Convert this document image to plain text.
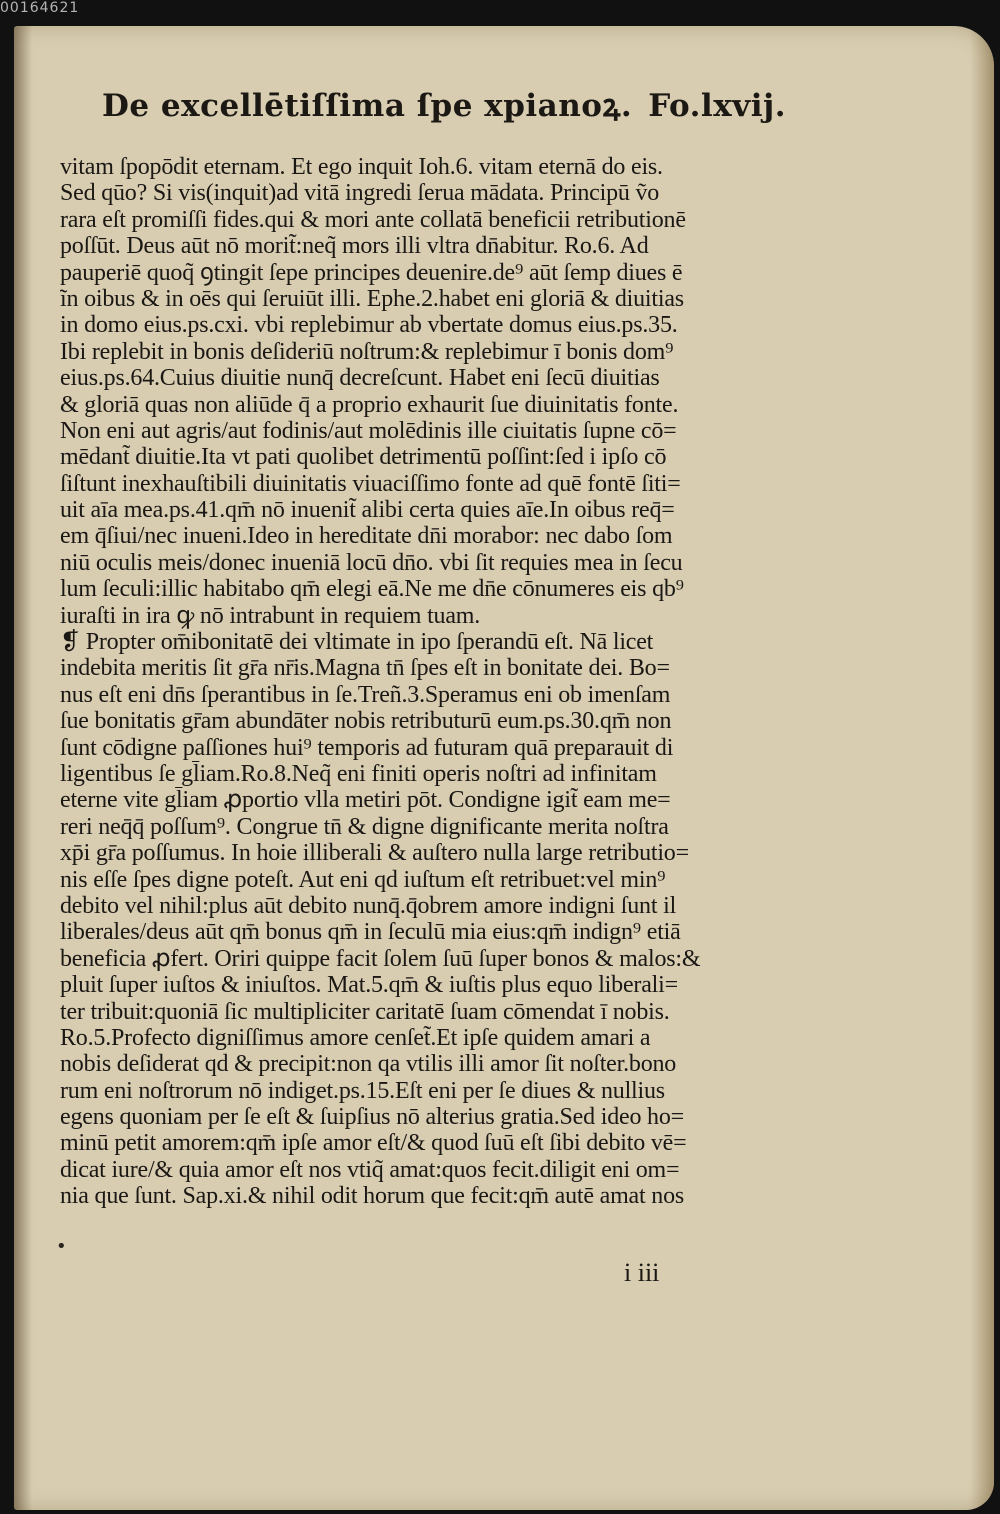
00164621
De excellētiſſima ſpe xpianoꝝ. Fo.lxvij.
vitam ſpopōdit eternam. Et ego inquit Ioh.6. vitam eternā do eis.
Sed qūo? Si vis(inquit)ad vitā ingredi ſerua mādata. Principū ṽo
rara eſt promiſſi fides.qui & mori ante collatā beneficii retributionē
poſſūt. Deus aūt nō morit̃:neq̃ mors illi vltra dn̄abitur. Ro.6. Ad
pauperiē quoq̃ ꝯtingit ſepe principes deuenire.de⁹ aūt ſemp diues ē
ĩn oibus & in oēs qui ſeruiūt illi. Ephe.2.habet eni gloriā & diuitias
in domo eius.ps.cxi. vbi replebimur ab vbertate domus eius.ps.35.
Ibi replebit in bonis deſideriū noſtrum:& replebimur ī bonis dom⁹
eius.ps.64.Cuius diuitie nunq̄ decreſcunt. Habet eni ſecū diuitias
& gloriā quas non aliūde q̄ a proprio exhaurit ſue diuinitatis fonte.
Non eni aut agris/aut fodinis/aut molēdinis ille ciuitatis ſupne cō=
mēdant̃ diuitie.Ita vt pati quolibet detrimentū poſſint:ſed i ipſo cō
ſiſtunt inexhauſtibili diuinitatis viuaciſſimo fonte ad quē fontē ſiti=
uit aīa mea.ps.41.qm̄ nō inuenit̃ alibi certa quies aīe.In oibus req̄=
em q̄ſiui/nec inueni.Ideo in hereditate dn̄i morabor: nec dabo ſom
niū oculis meis/donec inueniā locū dn̄o. vbi ſit requies mea in ſecu
lum ſeculi:illic habitabo qm̄ elegi eā.Ne me dn̄e cōnumeres eis qb⁹
iuraſti in ira ꝙ nō intrabunt in requiem tuam.
❡ Propter om̄ibonitatē dei vltimate in ipo ſperandū eſt. Nā licet
indebita meritis ſit gr̄a nr̄is.Magna tn̄ ſpes eſt in bonitate dei. Bo=
nus eſt eni dn̄s ſperantibus in ſe.Treñ.3.Speramus eni ob imenſam
ſue bonitatis gr̄am abundāter nobis retributurū eum.ps.30.qm̄ non
ſunt cōdigne paſſiones hui⁹ temporis ad futuram quā preparauit di
ligentibus ſe gl̄iam.Ro.8.Neq̃ eni finiti operis noſtri ad infinitam
eterne vite gl̄iam ꝓportio vlla metiri pōt. Condigne igit̃ eam me=
reri neq̄q̄ poſſum⁹. Congrue tn̄ & digne dignificante merita noſtra
xp̄i gr̄a poſſumus. In hoie illiberali & auſtero nulla large retributio=
nis eſſe ſpes digne poteſt. Aut eni qd iuſtum eſt retribuet:vel min⁹
debito vel nihil:plus aūt debito nunq̄.q̄obrem amore indigni ſunt il
liberales/deus aūt qm̄ bonus qm̄ in ſeculū mia eius:qm̄ indign⁹ etiā
beneficia ꝓfert. Oriri quippe facit ſolem ſuū ſuper bonos & malos:&
pluit ſuper iuſtos & iniuſtos. Mat.5.qm̄ & iuſtis plus equo liberali=
ter tribuit:quoniā ſic multipliciter caritatē ſuam cōmendat ī nobis.
Ro.5.Profecto digniſſimus amore cenſet̃.Et ipſe quidem amari a
nobis deſiderat qd & precipit:non qa vtilis illi amor ſit noſter.bono
rum eni noſtrorum nō indiget.ps.15.Eſt eni per ſe diues & nullius
egens quoniam per ſe eſt & ſuipſius nō alterius gratia.Sed ideo ho=
minū petit amorem:qm̄ ipſe amor eſt/& quod ſuū eſt ſibi debito vē=
dicat iure/& quia amor eſt nos vtiq̃ amat:quos fecit.diligit eni om=
nia que ſunt. Sap.xi.& nihil odit horum que fecit:qm̄ autē amat nos
•
i iii
